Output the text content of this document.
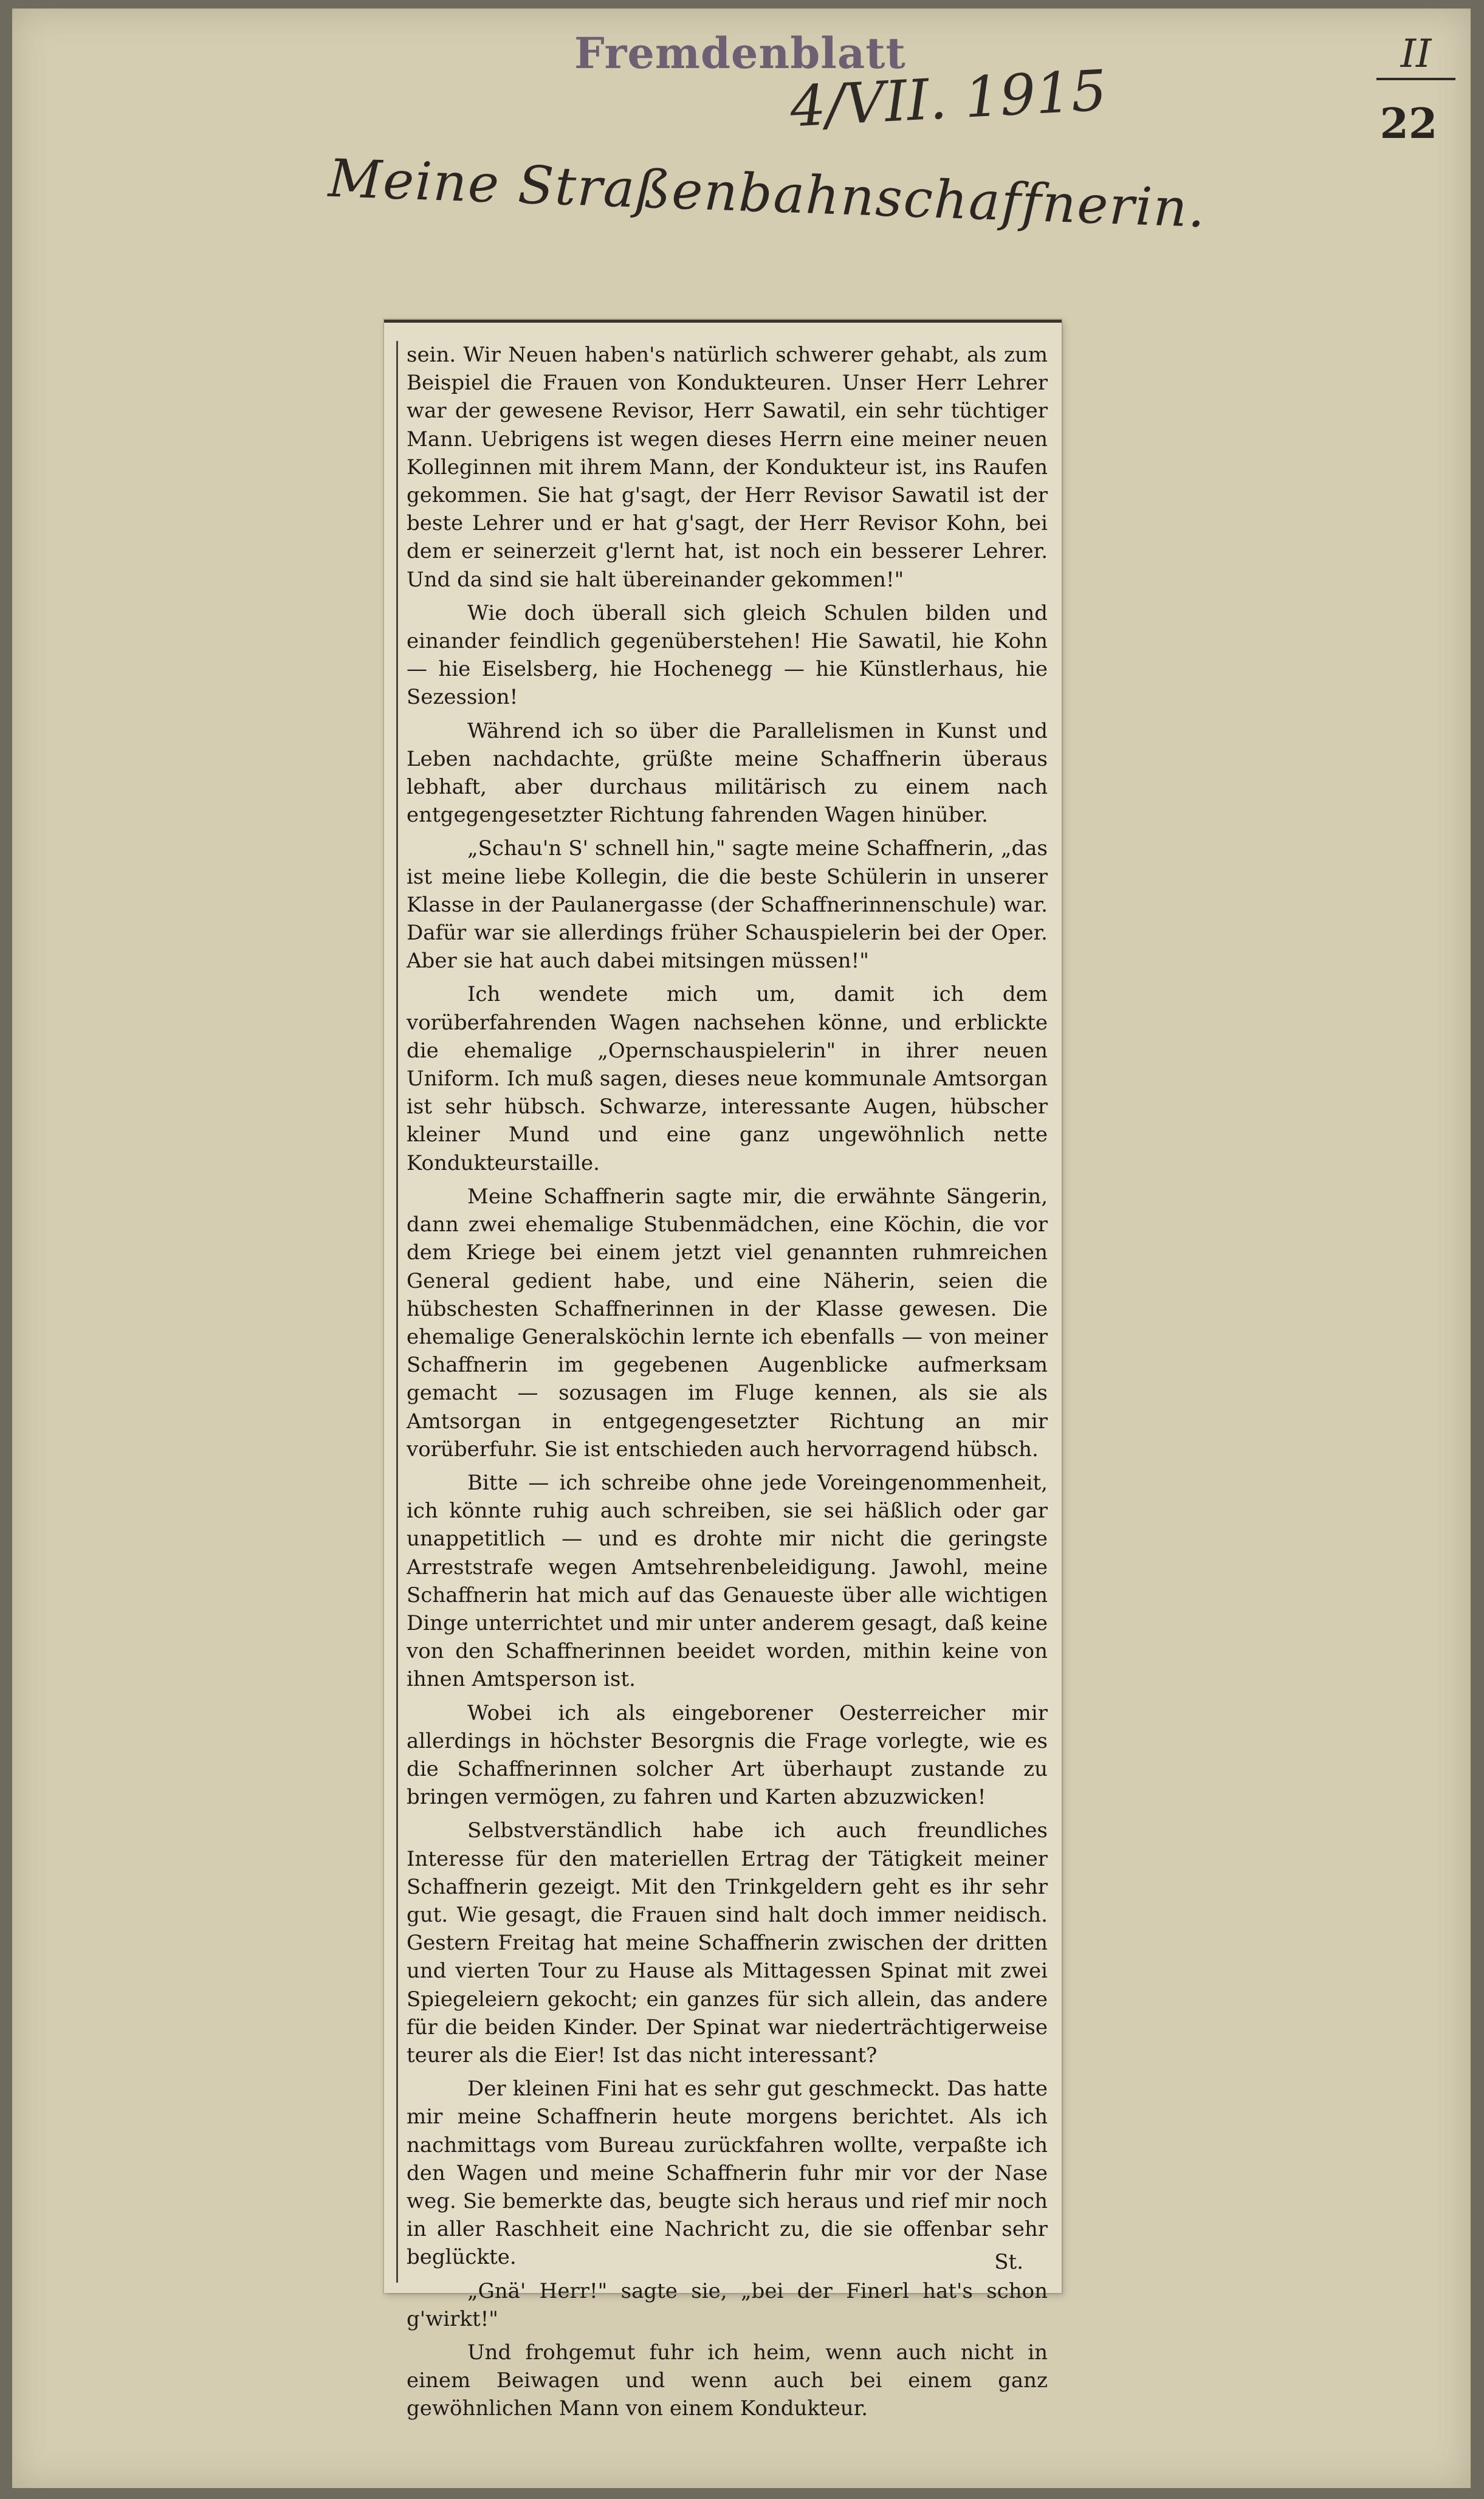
Fremdenblatt
4/VII. 1915
II
22
Meine Straßenbahnschaffnerin.

sein. Wir Neuen haben's natürlich schwerer gehabt, als zum Beispiel die Frauen von Kondukteuren. Unser Herr Lehrer war der gewesene Revisor, Herr Sawatil, ein sehr tüchtiger Mann. Uebrigens ist wegen dieses Herrn eine meiner neuen Kolleginnen mit ihrem Mann, der Kondukteur ist, ins Raufen gekommen. Sie hat g'sagt, der Herr Revisor Sawatil ist der beste Lehrer und er hat g'sagt, der Herr Revisor Kohn, bei dem er seinerzeit g'lernt hat, ist noch ein besserer Lehrer. Und da sind sie halt übereinander gekommen!"

Wie doch überall sich gleich Schulen bilden und einander feindlich gegenüberstehen! Hie Sawatil, hie Kohn — hie Eiselsberg, hie Hochenegg — hie Künstlerhaus, hie Sezession!

Während ich so über die Parallelismen in Kunst und Leben nachdachte, grüßte meine Schaffnerin überaus lebhaft, aber durchaus militärisch zu einem nach entgegengesetzter Richtung fahrenden Wagen hinüber.

„Schau'n S' schnell hin," sagte meine Schaffnerin, „das ist meine liebe Kollegin, die die beste Schülerin in unserer Klasse in der Paulanergasse (der Schaffnerinnenschule) war. Dafür war sie allerdings früher Schauspielerin bei der Oper. Aber sie hat auch dabei mitsingen müssen!"

Ich wendete mich um, damit ich dem vorüberfahrenden Wagen nachsehen könne, und erblickte die ehemalige „Opernschauspielerin" in ihrer neuen Uniform. Ich muß sagen, dieses neue kommunale Amtsorgan ist sehr hübsch. Schwarze, interessante Augen, hübscher kleiner Mund und eine ganz ungewöhnlich nette Kondukteurstaille.

Meine Schaffnerin sagte mir, die erwähnte Sängerin, dann zwei ehemalige Stubenmädchen, eine Köchin, die vor dem Kriege bei einem jetzt viel genannten ruhmreichen General gedient habe, und eine Näherin, seien die hübschesten Schaffnerinnen in der Klasse gewesen. Die ehemalige Generalsköchin lernte ich ebenfalls — von meiner Schaffnerin im gegebenen Augenblicke aufmerksam gemacht — sozusagen im Fluge kennen, als sie als Amtsorgan in entgegengesetzter Richtung an mir vorüberfuhr. Sie ist entschieden auch hervorragend hübsch.

Bitte — ich schreibe ohne jede Voreingenommenheit, ich könnte ruhig auch schreiben, sie sei häßlich oder gar unappetitlich — und es drohte mir nicht die geringste Arreststrafe wegen Amtsehrenbeleidigung. Jawohl, meine Schaffnerin hat mich auf das Genaueste über alle wichtigen Dinge unterrichtet und mir unter anderem gesagt, daß keine von den Schaffnerinnen beeidet worden, mithin keine von ihnen Amtsperson ist.

Wobei ich als eingeborener Oesterreicher mir allerdings in höchster Besorgnis die Frage vorlegte, wie es die Schaffnerinnen solcher Art überhaupt zustande zu bringen vermögen, zu fahren und Karten abzuzwicken!

Selbstverständlich habe ich auch freundliches Interesse für den materiellen Ertrag der Tätigkeit meiner Schaffnerin gezeigt. Mit den Trinkgeldern geht es ihr sehr gut. Wie gesagt, die Frauen sind halt doch immer neidisch. Gestern Freitag hat meine Schaffnerin zwischen der dritten und vierten Tour zu Hause als Mittagessen Spinat mit zwei Spiegeleiern gekocht; ein ganzes für sich allein, das andere für die beiden Kinder. Der Spinat war niederträchtigerweise teurer als die Eier! Ist das nicht interessant?

Der kleinen Fini hat es sehr gut geschmeckt. Das hatte mir meine Schaffnerin heute morgens berichtet. Als ich nachmittags vom Bureau zurückfahren wollte, verpaßte ich den Wagen und meine Schaffnerin fuhr mir vor der Nase weg. Sie bemerkte das, beugte sich heraus und rief mir noch in aller Raschheit eine Nachricht zu, die sie offenbar sehr beglückte.

„Gnä' Herr!" sagte sie, „bei der Finerl hat's schon g'wirkt!"

Und frohgemut fuhr ich heim, wenn auch nicht in einem Beiwagen und wenn auch bei einem ganz gewöhnlichen Mann von einem Kondukteur.

St.
